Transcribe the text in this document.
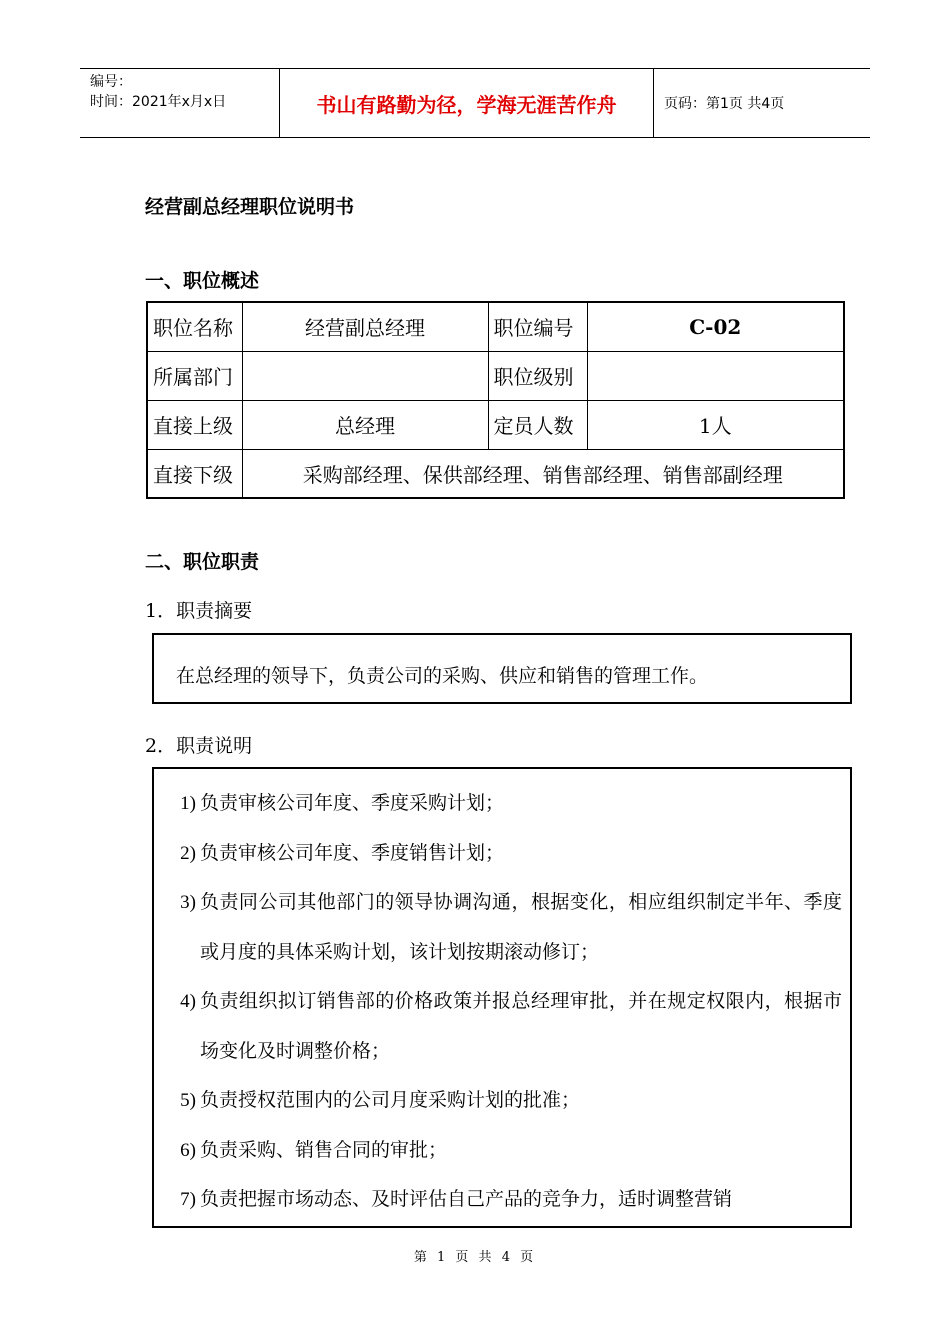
编号：
时间：2021年x月x日	书山有路勤为径，学海无涯苦作舟	页码：第1页 共4页
经营副总经理职位说明书
一、职位概述
职位名称	经营副总经理	职位编号	C-02
所属部门		职位级别	
直接上级	总经理	定员人数	1人
直接下级	采购部经理、保供部经理、销售部经理、销售部副经理		
二、职位职责
1．职责摘要
在总经理的领导下，负责公司的采购、供应和销售的管理工作。
2．职责说明
1) 负责审核公司年度、季度采购计划；
2) 负责审核公司年度、季度销售计划；
3) 负责同公司其他部门的领导协调沟通，根据变化，相应组织制定半年、季度或月度的具体采购计划，该计划按期滚动修订；
4) 负责组织拟订销售部的价格政策并报总经理审批，并在规定权限内，根据市场变化及时调整价格；
5) 负责授权范围内的公司月度采购计划的批准；
6) 负责采购、销售合同的审批；
7) 负责把握市场动态、及时评估自己产品的竞争力，适时调整营销
第 1 页 共 4 页
